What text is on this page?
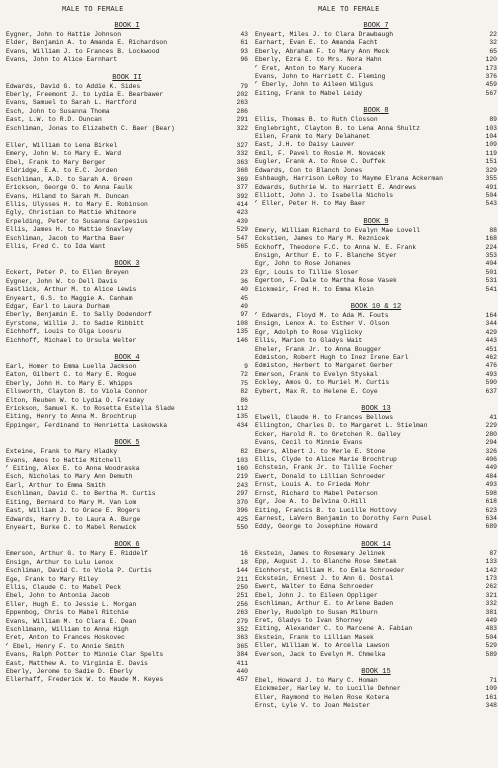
MALE TO FEMALE	MALE TO FEMALE
BOOK I
Eygner, John to Hattie Johnson	43
Elder, Benjamin A. to Amanda E. Richardson	61
Evans, William J. to Frances B. Lockwood	93
Evans, John to Alice Earnhart	96
BOOK II
Edwards, David G. to Addie K. Sides	79
Eberly, Freemont J. to Lydia E. Bearbawer	202
Evans, Samuel to Sarah L. Hartford	263
Esch, John to Susanna Thoma	286
East, L.W. to R.D. Duncan	291
Eschliman, Jonas to Elizabeth C. Baer (Bear)	322
Eller, William to Lena Birkel	327
Emery, John W. to Mary E. Ward	332
Ebel, Frank to Mary Berger	363
Eldridge, E.A. to E.C. Jorden	368
Eschliman, A.D. to Sarah A. Green	369
Erickson, George O. to Anna Faulk	377
Evans, Hiland to Sarah M. Duncan	392
Ellis, Ulysses H. to Mary E. Robinson	414
Egly, Christian to Mattie Whitmore	423
Erpelding, Peter to Susanna Carpesius	439
Ellis, James H. to Mattie Snavley	529
Eschliman, Jacob to Martha Baer	547
Ellis, Fred C. to Ida Want	565
BOOK 3
Eckert, Peter P. to Ellen Breyen	23
Eygner, John W. to Dell Davis	36
Eastlick, Arthur M. to Alice Lewis	40
Enyeart, G.S. to Maggie A. Canham	45
Edgar, Earl to Laura Durham	49
Eberly, Benjamin E. to Sally Dodendorf	97
Eyrstone, Willie J. to Sadie Ribbitt	108
Eichhoff, Louis to Olga Loosru	135
Eichhoff, Michael to Ursula Welter	146
BOOK 4
Earl, Homer to Emma Luella Jackson	9
Eaton, Gilbert C. to Mary E. Rogue	72
Eberly, John H. to Mary E. Whipps	75
Ellsworth, Clayton B. to Viola Connor	82
Elton, Reuben W. to Lydia O. Freiday	86
Erickson, Samuel K. to Rosetta Estella Slade	112
Eiting, Henry to Anna M. Brochtrup	135
Eppinger, Ferdinand to Henrietta Laskowska	434
BOOK 5
Exteine, Frank to Mary Hladky	82
Evans, Amos to Hattie Mitchell	103
✓ Eiting, Alex E. to Anna Woodraska	160
Esch, Nicholas to Mary Ann Demuth	219
Earl, Arthur to Emma Smith	243
Eschliman, David C. to Bertha M. Curtis	297
Eiting, Bernard to Mary M. Van Lom	370
East, William J. to Grace E. Rogers	396
Edwards, Harry D. to Laura A. Burge	425
Enyeart, Burke C. to Mabel Renwick	550
BOOK 6
Emerson, Arthur G. to Mary E. Riddelf	16
Ensign, Arthur to Lulu Lenox	18
Eschliman, David C. to Viola P. Curtis	144
Ege, Frank to Mary Riley	211
Ellis, Claude C. to Mabel Peck	250
Ebel, John to Antonia Jacob	251
Eller, Hugh E. to Jessie L. Morgan	256
Eppenbog, Chris to Mabel Ritchie	263
Evans, William M. to Clara E. Dean	279
Eschlimann, William to Anna High	352
Eret, Anton to Frances Hoskovec	363
✓ Ebel, Henry F. to Annie Smith	365
Evans, Ralph Potter to Minnie Clar Spelts	384
East, Matthew A. to Virginia E. Davis	411
Eberly, Jerome to Sadie D. Eberly	440
Ellerhaff, Frederick W. to Maude M. Keyes	457
BOOK 7
Enyeart, Miles J. to Clara Drawbaugh	22
Earhart, Evan E. to Amanda Facht	32
Eberly, Abraham F. to Mary Ann Meck	65
Eberly, Ezra E. to Mrs. Nora Hahn	120
✓ Eret, Anton to Mary Kucera	173
Evans, John to Harriett C. Fleming	376
✓ Eberly, John to Aileen Wilgus	459
Eiting, Frank to Mabel Leidy	567
BOOK 8
Ellis, Thomas B. to Ruth Closson	89
Englebright, Clayton B. to Lena Anna Shultz	103
Eilen, Frank to Mary Delahanet	104
East, J.H. to Daisy Lauver	109
Emil, F. Pavel to Rosie M. Novacek	119
Eugler, Frank A. to Rose C. Duffek	151
Edwards, Con to Blanch Jones	329
Eshbaugh, Harrison LeRoy to Mayme Elrana Ackerman	355
Edwards, Guthrie W. to Harriett E. Andrews	491
Elliott, John J. to Isabella Nichols	504
✓ Eller, Peter H. to May Baer	543
BOOK 9
Emery, William Richard to Evalyn Mae Lovell	88
Eckstien, James to Mary M. Reznicek	168
Eckhoff, Theodore F.C. to Anna W. E. Frank	224
Ensign, Arthur E. to F. Blanche Styer	353
Egr, John to Rose Johanes	404
Egr, Louis to Tillie Sloser	501
Egerton, F. Dale to Martha Rose Vasek	531
Eickmeir, Fred H. to Emma Klein	541
BOOK 10 & 12
✓ Edwards, Floyd M. to Ada M. Fouts	164
Ensign, Lenox A. to Esther V. Olson	344
Egr, Adolph to Rose Viglicky	429
Ellis, Marion to Gladys Wait	443
Eheler, Frank Jr. to Anna Bougger	451
Edmiston, Robert Hugh to Inez Irene Earl	462
Edmiston, Herbert to Margaret Gerber	476
Emerson, Frank to Evelyn Styskal	493
Eckley, Amos G. to Muriel M. Curtis	590
Eybert, Max R. to Helene E. Coye	637
BOOK 13
Elwell, Claude H. to Frances Bellows	41
Ellington, Charles D. to Margaret L. Stielman	229
Ecker, Harold R. to Gretchen R. Galley	280
Evans, Cecil to Minnie Evans	294
Ebers, Albert J. to Merle E. Stone	326
Ellis, Clyde to Alice Marie Brochtrup	406
Echstein, Frank Jr. to Tillie Focher	449
Ewert, Donald to Lillian Schroeder	484
Ernst, Louis A. to Frieda Mohr	493
Ernst, Richard to Mabel Peterson	598
Egr, Joe A. to Delvina O.Hill	618
Eiting, Francis B. to Lucille Hottovy	623
Earnest, LaVern Benjamin to Dorothy Fern Pusel	634
Eddy, George to Josephine Howard	689
BOOK 14
Ekstein, James to Rosemary Jelinek	87
Epp, August J. to Blanche Rose Smetak	133
Eichhorst, William H. to Emla Schroeder	142
Eckstein, Ernest J. to Ann G. Dostal	173
Ewert, Walter to Edna Schroeder	262
Ebel, John J. to Eileen Oppliger	321
Eschliman, Arthur E. to Arlene Baden	332
Eberly, Rudolph to Susan Milburn	381
Eret, Gladys to Ivan Shorney	449
Eiting, Alexander C. to Marcene A. Fabian	483
Ekstein, Frank to Lillian Masek	504
Eller, William W. to Arcella Lawson	529
Everson, Jack to Evelyn M. Chmelka	589
BOOK 15
Ebel, Howard J. to Mary C. Homan	71
Eickmeier, Harley W. to Lucille Dehner	109
Eller, Raymond to Helen Rose Kotera	161
Ernst, Lyle V. to Joan Meister	348
